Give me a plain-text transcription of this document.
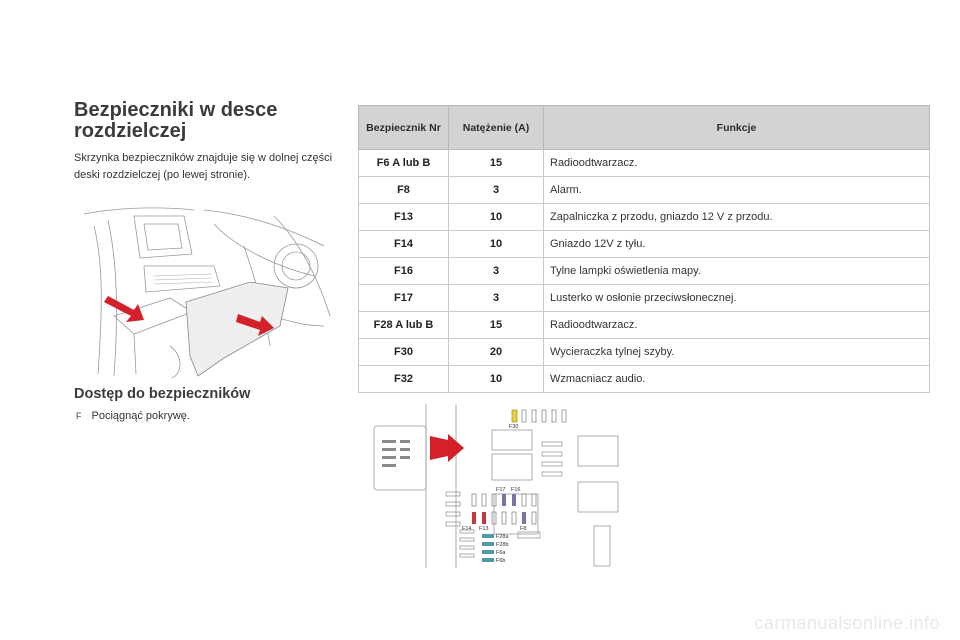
Bezpieczniki w desce rozdzielczej
Skrzynka bezpieczników znajduje się w dolnej części deski rozdzielczej (po lewej stronie).
Dostęp do bezpieczników
F Pociągnąć pokrywę.
Bezpiecznik Nr	Natężenie (A)	Funkcje
F6 A lub B	15	Radioodtwarzacz.
F8	3	Alarm.
F13	10	Zapalniczka z przodu, gniazdo 12 V z przodu.
F14	10	Gniazdo 12V z tyłu.
F16	3	Tylne lampki oświetlenia mapy.
F17	3	Lusterko w osłonie przeciwsłonecznej.
F28 A lub B	15	Radioodtwarzacz.
F30	20	Wycieraczka tylnej szyby.
F32	10	Wzmacniacz audio.
F30
F17 F16
F14 F13	F8
F28a
F28b
F6a
F6b
carmanualsonline.info
